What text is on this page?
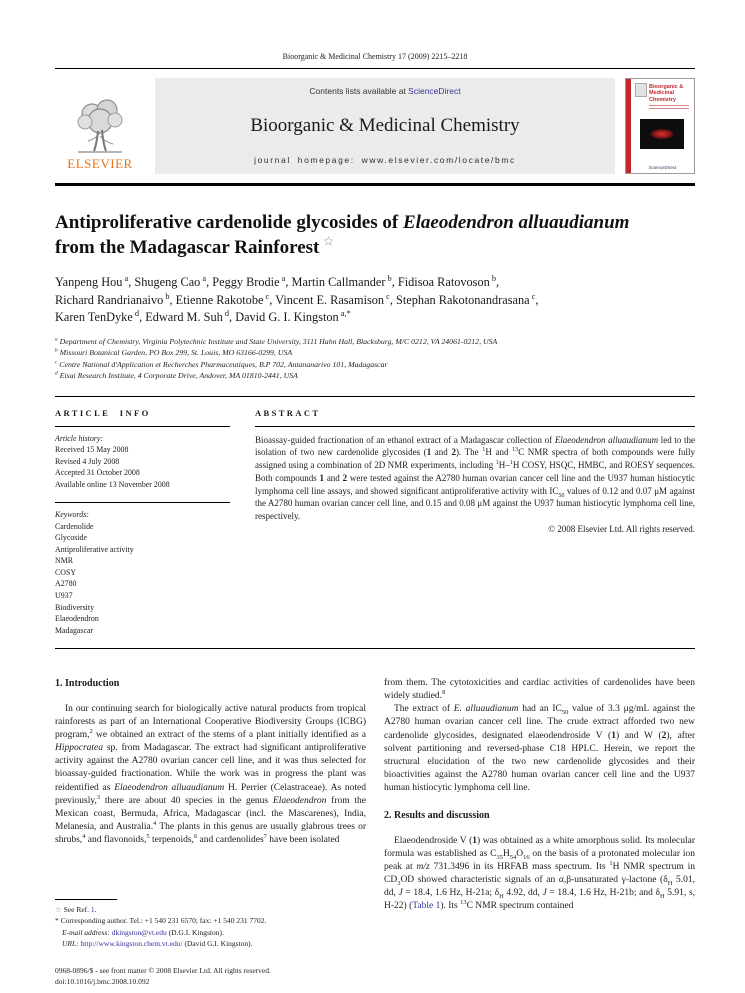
Bioorganic & Medicinal Chemistry 17 (2009) 2215–2218
ELSEVIER
Contents lists available at ScienceDirect
Bioorganic & Medicinal Chemistry
journal homepage: www.elsevier.com/locate/bmc
Bioorganic & Medicinal Chemistry
ScienceDirect
Antiproliferative cardenolide glycosides of Elaeodendron alluaudianum
from the Madagascar Rainforest ☆
Yanpeng Hou $^a$, Shugeng Cao $^a$, Peggy Brodie $^a$, Martin Callmander $^b$, Fidisoa Ratovoson $^b$,
Richard Randrianaivo $^b$, Etienne Rakotobe $^c$, Vincent E. Rasamison $^c$, Stephan Rakotonandrasana $^c$,
Karen TenDyke $^d$, Edward M. Suh $^d$, David G. I. Kingston $^{a,*}$
$^a$ Department of Chemistry, Virginia Polytechnic Institute and State University, 3111 Hahn Hall, Blacksburg, M/C 0212, VA 24061-0212, USA
$^b$ Missouri Botanical Garden, PO Box 299, St. Louis, MO 63166-0299, USA
$^c$ Centre National d'Application et Recherches Pharmaceutiques, B.P 702, Antananarivo 101, Madagascar
$^d$ Eisai Research Institute, 4 Corporate Drive, Andover, MA 01810-2441, USA
ARTICLE INFO
Article history:
Received 15 May 2008
Revised 4 July 2008
Accepted 31 October 2008
Available online 13 November 2008
Keywords:
Cardenolide
Glycoside
Antiproliferative activity
NMR
COSY
A2780
U937
Biodiversity
Elaeodendron
Madagascar
ABSTRACT
Bioassay-guided fractionation of an ethanol extract of a Madagascar collection of Elaeodendron alluaudianum led to the isolation of two new cardenolide glycosides (1 and 2). The $^1$H and $^{13}$C NMR spectra of both compounds were fully assigned using a combination of 2D NMR experiments, including $^1$H–$^1$H COSY, HSQC, HMBC, and ROESY sequences. Both compounds 1 and 2 were tested against the A2780 human ovarian cancer cell line and the U937 human histiocytic lymphoma cell line assays, and showed significant antiproliferative activity with $IC_{50}$ values of 0.12 and 0.07 μM against the A2780 human ovarian cancer cell line, and 0.15 and 0.08 μM against the U937 human histiocytic lymphoma cell line, respectively.
© 2008 Elsevier Ltd. All rights reserved.
1. Introduction

In our continuing search for biologically active natural products from tropical rainforests as part of an International Cooperative Biodiversity Groups (ICBG) program,$^2$ we obtained an extract of the stems of a plant initially identified as a Hippocratea sp. from Madagascar. The extract had significant antiproliferative activity against the A2780 ovarian cancer cell line, and it was thus selected for bioassay-guided fractionation. While the work was in progress the plant was reidentified as Elaeodendron alluaudianum H. Perrier (Celastraceae). As noted previously,$^3$ there are about 40 species in the genus Elaeodendron from the Mexican coast, Bermuda, Africa, Madagascar (incl. the Mascarenes), India, Melanesia, and Australia.$^4$ The plants in this genus are usually glabrous trees or shrubs,$^4$ and flavonoids,$^5$ terpenoids,$^6$ and cardenolides$^7$ have been isolated

☆ See Ref. 1.
* Corresponding author. Tel.: +1 540 231 6570; fax: +1 540 231 7702.
E-mail address: dkingston@vt.edu (D.G.I. Kingston).
URL: http://www.kingston.chem.vt.edu/ (David G.I. Kingston).

from them. The cytotoxicities and cardiac activities of cardenolides have been widely studied.$^8$

The extract of E. alluaudianum had an $IC_{50}$ value of 3.3 μg/mL against the A2780 human ovarian cancer cell line. The crude extract afforded two new cardenolide glycosides, designated elaeodendroside V (1) and W (2), after solvent partitioning and reversed-phase C18 HPLC. Herein, we report the structural elucidation of the two new cardenolide glycosides and their bioactivities against the A2780 human ovarian cancer cell line and the U937 human histiocytic lymphoma cell line.

2. Results and discussion

Elaeodendroside V (1) was obtained as a white amorphous solid. Its molecular formula was established as $C_{35}H_{54}O_{16}$ on the basis of a protonated molecular ion peak at m/z 731.3496 in its HRFAB mass spectrum. Its $^1$H NMR spectrum in $CD_3OD$ showed characteristic signals of an α,β-unsaturated γ-lactone ($\delta_H$ 5.01, dd, J = 18.4, 1.6 Hz, H-21a; $\delta_H$ 4.92, dd, J = 18.4, 1.6 Hz, H-21b; and $\delta_H$ 5.91, s, H-22) (Table 1). Its $^{13}$C NMR spectrum contained

0968-0896/$ - see front matter © 2008 Elsevier Ltd. All rights reserved.
doi:10.1016/j.bmc.2008.10.092
